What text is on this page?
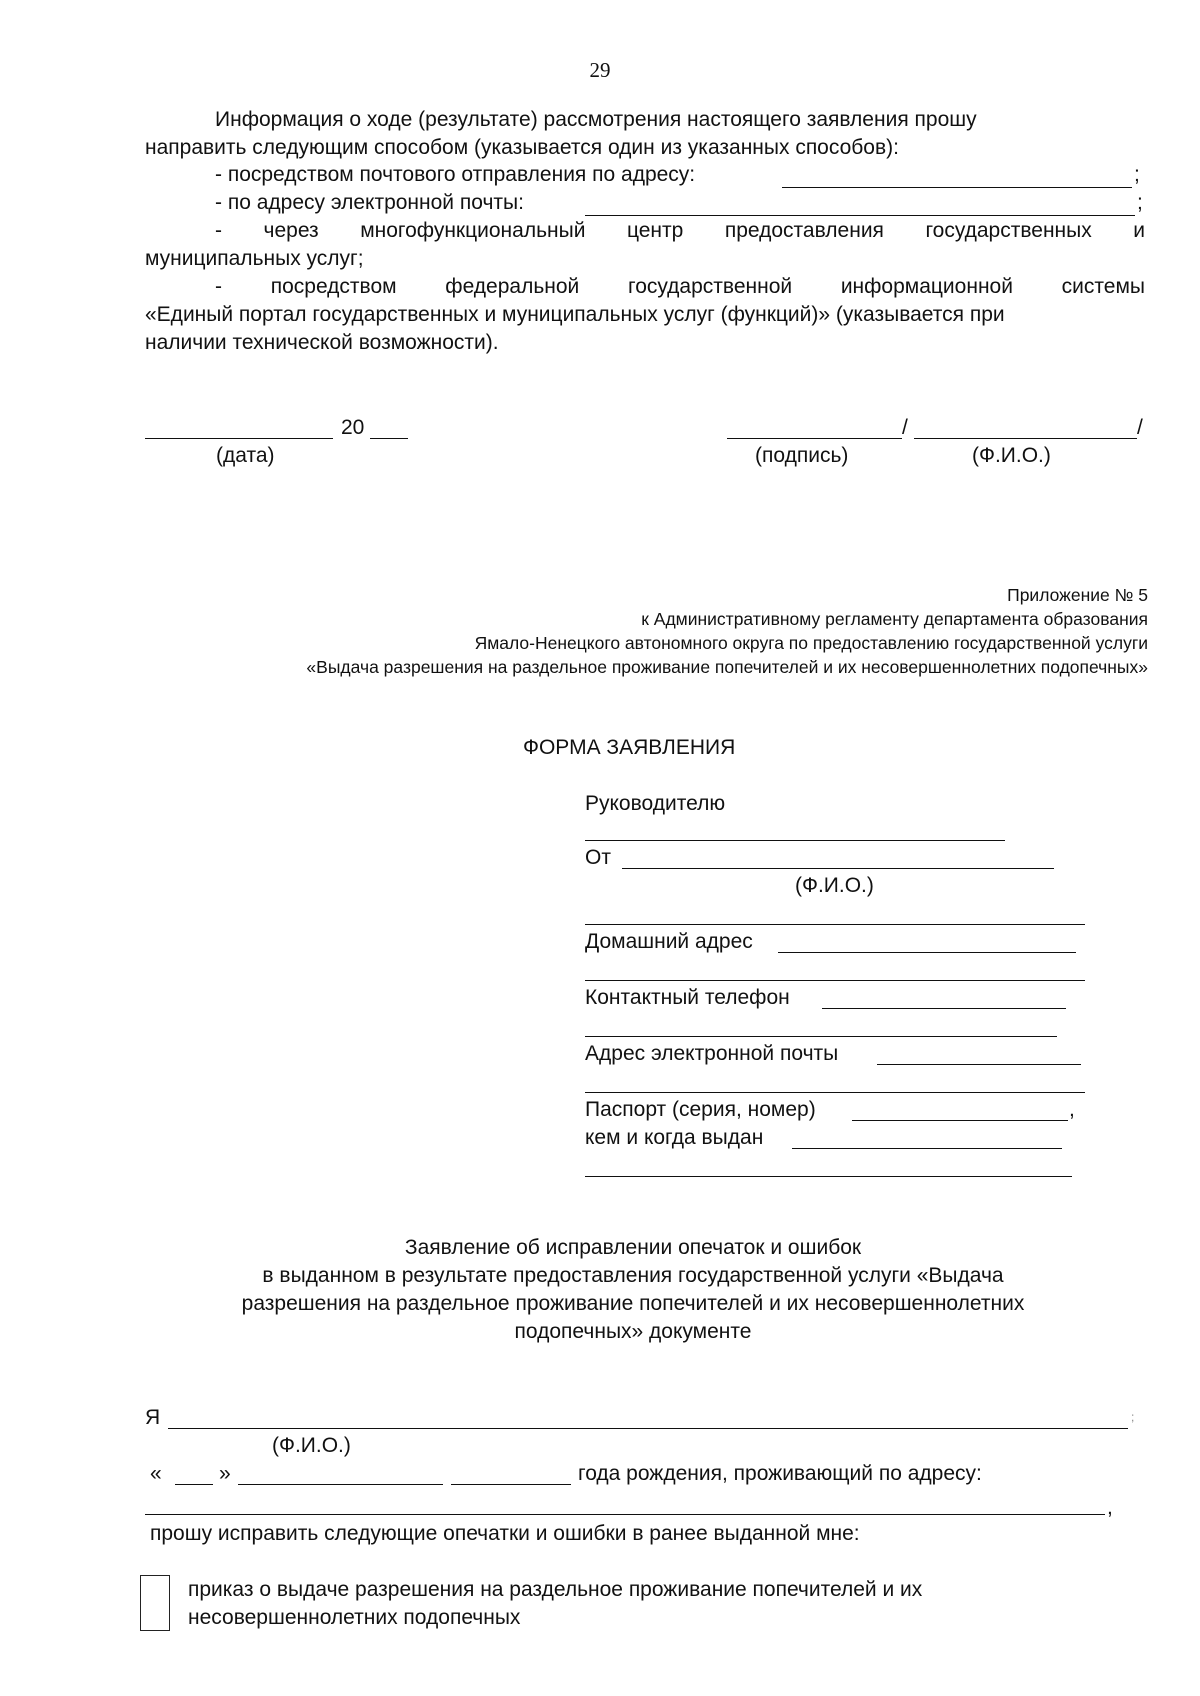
29
Информация о ходе (результате) рассмотрения настоящего заявления прошу
направить следующим способом (указывается один из указанных способов):
- посредством почтового отправления по адресу:	;
- по адресу электронной почты:	;
- через многофункциональный центр предоставления государственных и
муниципальных услуг;
- посредством федеральной государственной информационной системы
«Единый портал государственных и муниципальных услуг (функций)» (указывается при
наличии технической возможности).
20
(дата)
/	/
(подпись)	(Ф.И.О.)
Приложение № 5
к Административному регламенту департамента образования
Ямало-Ненецкого автономного округа по предоставлению государственной услуги
«Выдача разрешения на раздельное проживание попечителей и их несовершеннолетних подопечных»
ФОРМА ЗАЯВЛЕНИЯ
Руководителю
От
(Ф.И.О.)
Домашний адрес
Контактный телефон
Адрес электронной почты
Паспорт (серия, номер)	,
кем и когда выдан
Заявление об исправлении опечаток и ошибок
в выданном в результате предоставления государственной услуги «Выдача
разрешения на раздельное проживание попечителей и их несовершеннолетних
подопечных» документе
Я	;
(Ф.И.О.)
«	»	года рождения, проживающий по адресу:
,
прошу исправить следующие опечатки и ошибки в ранее выданной мне:
приказ о выдаче разрешения на раздельное проживание попечителей и их
несовершеннолетних подопечных
